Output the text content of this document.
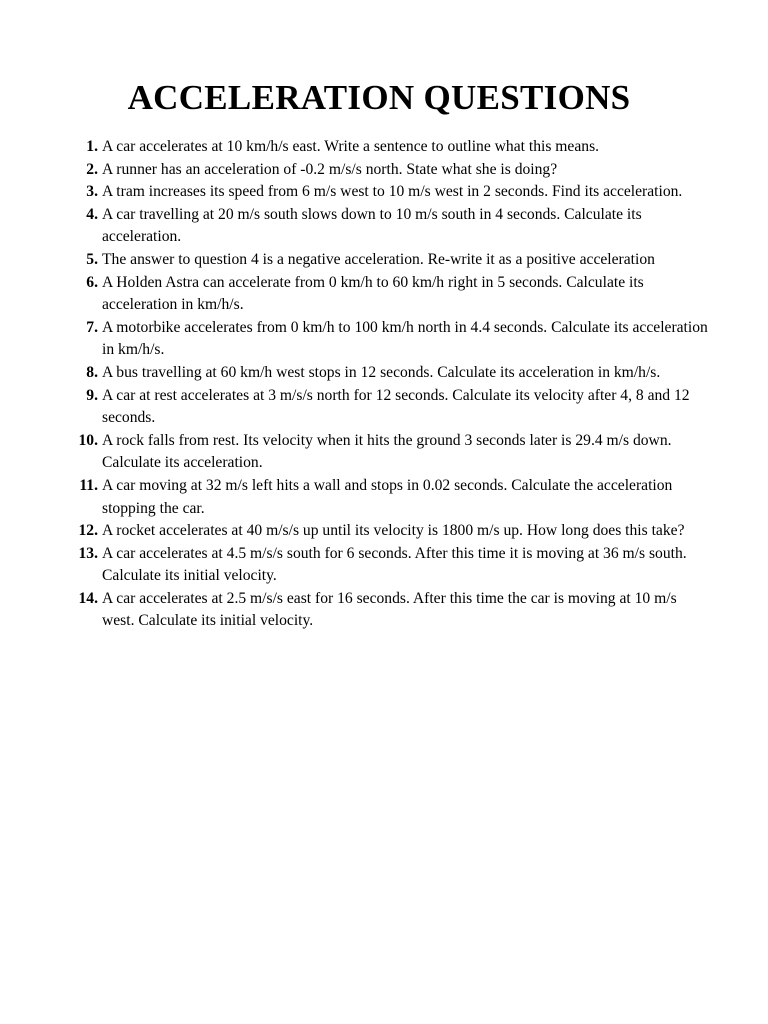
ACCELERATION QUESTIONS
1. A car accelerates at 10 km/h/s east. Write a sentence to outline what this means.
2. A runner has an acceleration of -0.2 m/s/s north. State what she is doing?
3. A tram increases its speed from 6 m/s west to 10 m/s west in 2 seconds. Find its acceleration.
4. A car travelling at 20 m/s south slows down to 10 m/s south in 4 seconds. Calculate its acceleration.
5. The answer to question 4 is a negative acceleration. Re-write it as a positive acceleration
6. A Holden Astra can accelerate from 0 km/h to 60 km/h right in 5 seconds. Calculate its acceleration in km/h/s.
7. A motorbike accelerates from 0 km/h to 100 km/h north in 4.4 seconds. Calculate its acceleration in km/h/s.
8. A bus travelling at 60 km/h west stops in 12 seconds. Calculate its acceleration in km/h/s.
9. A car at rest accelerates at 3 m/s/s north for 12 seconds. Calculate its velocity after 4, 8 and 12 seconds.
10. A rock falls from rest. Its velocity when it hits the ground 3 seconds later is 29.4 m/s down. Calculate its acceleration.
11. A car moving at 32 m/s left hits a wall and stops in 0.02 seconds. Calculate the acceleration stopping the car.
12. A rocket accelerates at 40 m/s/s up until its velocity is 1800 m/s up. How long does this take?
13. A car accelerates at 4.5 m/s/s south for 6 seconds. After this time it is moving at 36 m/s south. Calculate its initial velocity.
14. A car accelerates at 2.5 m/s/s east for 16 seconds. After this time the car is moving at 10 m/s west. Calculate its initial velocity.
